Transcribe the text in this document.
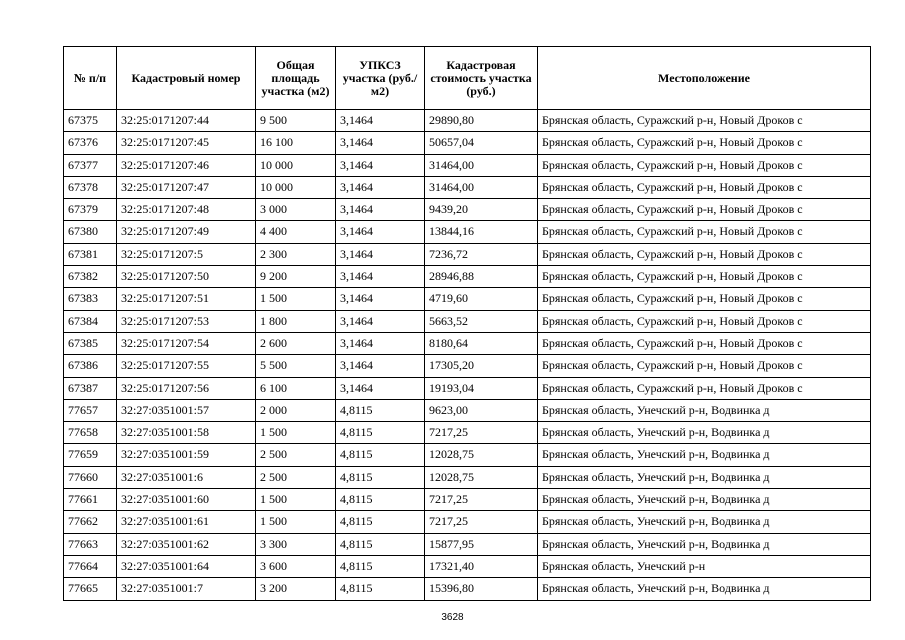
№ п/п	Кадастровый номер	Общая площадь участка (м2)	УПКСЗ участка (руб./м2)	Кадастровая стоимость участка (руб.)	Местоположение
67375	32:25:0171207:44	9 500	3,1464	29890,80	Брянская область, Суражский р-н, Новый Дроков с
67376	32:25:0171207:45	16 100	3,1464	50657,04	Брянская область, Суражский р-н, Новый Дроков с
67377	32:25:0171207:46	10 000	3,1464	31464,00	Брянская область, Суражский р-н, Новый Дроков с
67378	32:25:0171207:47	10 000	3,1464	31464,00	Брянская область, Суражский р-н, Новый Дроков с
67379	32:25:0171207:48	3 000	3,1464	9439,20	Брянская область, Суражский р-н, Новый Дроков с
67380	32:25:0171207:49	4 400	3,1464	13844,16	Брянская область, Суражский р-н, Новый Дроков с
67381	32:25:0171207:5	2 300	3,1464	7236,72	Брянская область, Суражский р-н, Новый Дроков с
67382	32:25:0171207:50	9 200	3,1464	28946,88	Брянская область, Суражский р-н, Новый Дроков с
67383	32:25:0171207:51	1 500	3,1464	4719,60	Брянская область, Суражский р-н, Новый Дроков с
67384	32:25:0171207:53	1 800	3,1464	5663,52	Брянская область, Суражский р-н, Новый Дроков с
67385	32:25:0171207:54	2 600	3,1464	8180,64	Брянская область, Суражский р-н, Новый Дроков с
67386	32:25:0171207:55	5 500	3,1464	17305,20	Брянская область, Суражский р-н, Новый Дроков с
67387	32:25:0171207:56	6 100	3,1464	19193,04	Брянская область, Суражский р-н, Новый Дроков с
77657	32:27:0351001:57	2 000	4,8115	9623,00	Брянская область, Унечский р-н, Водвинка д
77658	32:27:0351001:58	1 500	4,8115	7217,25	Брянская область, Унечский р-н, Водвинка д
77659	32:27:0351001:59	2 500	4,8115	12028,75	Брянская область, Унечский р-н, Водвинка д
77660	32:27:0351001:6	2 500	4,8115	12028,75	Брянская область, Унечский р-н, Водвинка д
77661	32:27:0351001:60	1 500	4,8115	7217,25	Брянская область, Унечский р-н, Водвинка д
77662	32:27:0351001:61	1 500	4,8115	7217,25	Брянская область, Унечский р-н, Водвинка д
77663	32:27:0351001:62	3 300	4,8115	15877,95	Брянская область, Унечский р-н, Водвинка д
77664	32:27:0351001:64	3 600	4,8115	17321,40	Брянская область, Унечский р-н
77665	32:27:0351001:7	3 200	4,8115	15396,80	Брянская область, Унечский р-н, Водвинка д
3628
